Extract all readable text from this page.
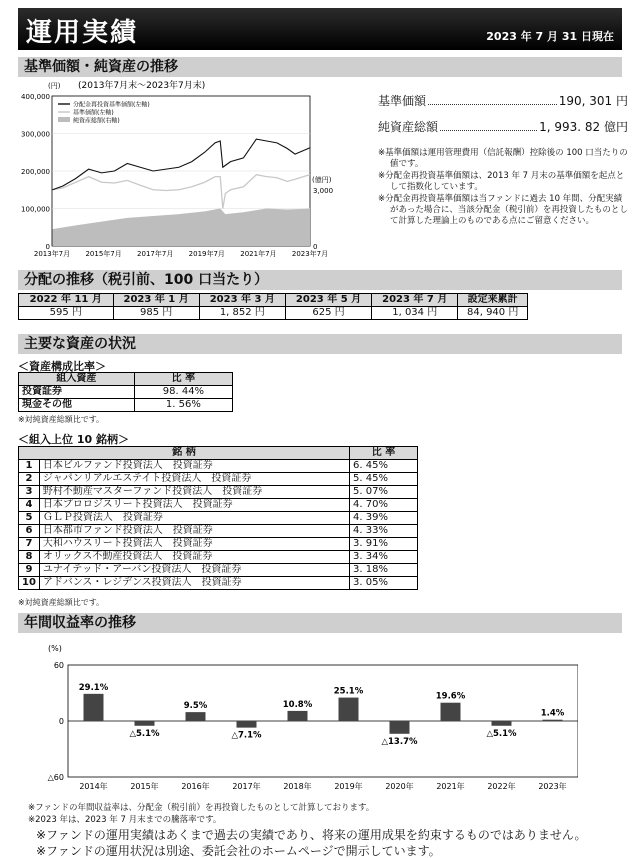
運用実績	2023 年 7 月 31 日現在
基準価額・純資産の推移
(円) (2013年7月末～2023年7月末)
400,000
300,000
200,000
100,000
0
3,000
0
(億円)
2013年7月 2015年7月 2017年7月 2019年7月 2021年7月 2023年7月
分配金再投資基準価額(左軸)
基準価額(左軸)
純資産総額(右軸)
基準価額	190, 301 円
純資産総額	1, 993. 82 億円

※基準価額は運用管理費用（信託報酬）控除後の 100 口当たりの値です。

※分配金再投資基準価額は、2013 年 7 月末の基準価額を起点として指数化しています。

※分配金再投資基準価額は当ファンドに過去 10 年間、分配実績があった場合に、当該分配金（税引前）を再投資したものとして計算した理論上のものである点にご留意ください。

分配の推移（税引前、100 口当たり）
2022 年 11 月	2023 年 1 月	2023 年 3 月	2023 年 5 月	2023 年 7 月	設定来累計
595 円	985 円	1, 852 円	625 円	1, 034 円	84, 940 円
主要な資産の状況
＜資産構成比率＞
組入資産	比 率
投資証券	98. 44%
現金その他	1. 56%
※対純資産総額比です。
＜組入上位 10 銘柄＞
銘 柄		比 率
1	日本ビルファンド投資法人　投資証券	6. 45%
2	ジャパンリアルエステイト投資法人　投資証券	5. 45%
3	野村不動産マスターファンド投資法人　投資証券	5. 07%
4	日本プロロジスリート投資法人　投資証券	4. 70%
5	ＧＬＰ投資法人　投資証券	4. 39%
6	日本都市ファンド投資法人　投資証券	4. 33%
7	大和ハウスリート投資法人　投資証券	3. 91%
8	オリックス不動産投資法人　投資証券	3. 34%
9	ユナイテッド・アーバン投資法人　投資証券	3. 18%
10	アドバンス・レジデンス投資法人　投資証券	3. 05%
※対純資産総額比です。
年間収益率の推移
(%)
60
0
△60
29.1%
2014年
△5.1%
2015年
9.5%
2016年
△7.1%
2017年
10.8%
2018年
25.1%
2019年
△13.7%
2020年
19.6%
2021年
△5.1%
2022年
1.4%
2023年
※ファンドの年間収益率は、分配金（税引前）を再投資したものとして計算しております。
※2023 年は、2023 年 7 月末までの騰落率です。
※ファンドの運用実績はあくまで過去の実績であり、将来の運用成果を約束するものではありません。
※ファンドの運用状況は別途、委託会社のホームページで開示しています。
